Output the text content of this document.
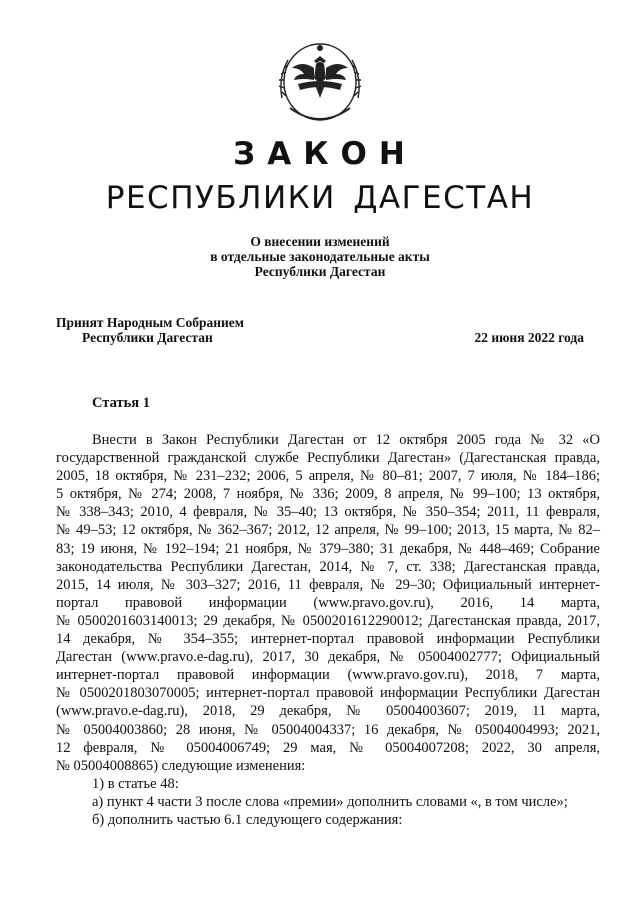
ЗАКОН
РЕСПУБЛИКИ ДАГЕСТАН
О внесении изменений
в отдельные законодательные акты
Республики Дагестан
Принят Народным Собранием
Республики Дагестан	22 июня 2022 года
Статья 1
Внести в Закон Республики Дагестан от 12 октября 2005 года № 32 «О
государственной гражданской службе Республики Дагестан» (Дагестанская правда,
2005, 18 октября, № 231–232; 2006, 5 апреля, № 80–81; 2007, 7 июля, № 184–186;
5 октября, № 274; 2008, 7 ноября, № 336; 2009, 8 апреля, № 99–100; 13 октября,
№ 338–343; 2010, 4 февраля, № 35–40; 13 октября, № 350–354; 2011, 11 февраля,
№ 49–53; 12 октября, № 362–367; 2012, 12 апреля, № 99–100; 2013, 15 марта, № 82–
83; 19 июня, № 192–194; 21 ноября, № 379–380; 31 декабря, № 448–469; Собрание
законодательства Республики Дагестан, 2014, № 7, ст. 338; Дагестанская правда,
2015, 14 июля, № 303–327; 2016, 11 февраля, № 29–30; Официальный интернет-
портал правовой информации (www.pravo.gov.ru), 2016, 14 марта,
№ 0500201603140013; 29 декабря, № 0500201612290012; Дагестанская правда, 2017,
14 декабря, № 354–355; интернет-портал правовой информации Республики
Дагестан (www.pravo.e-dag.ru), 2017, 30 декабря, № 05004002777; Официальный
интернет-портал правовой информации (www.pravo.gov.ru), 2018, 7 марта,
№ 0500201803070005; интернет-портал правовой информации Республики Дагестан
(www.pravo.e-dag.ru), 2018, 29 декабря, № 05004003607; 2019, 11 марта,
№ 05004003860; 28 июня, № 05004004337; 16 декабря, № 05004004993; 2021,
12 февраля, № 05004006749; 29 мая, № 05004007208; 2022, 30 апреля,
№ 05004008865) следующие изменения:
1) в статье 48:
а) пункт 4 части 3 после слова «премии» дополнить словами «, в том числе»;
б) дополнить частью 6.1 следующего содержания:
